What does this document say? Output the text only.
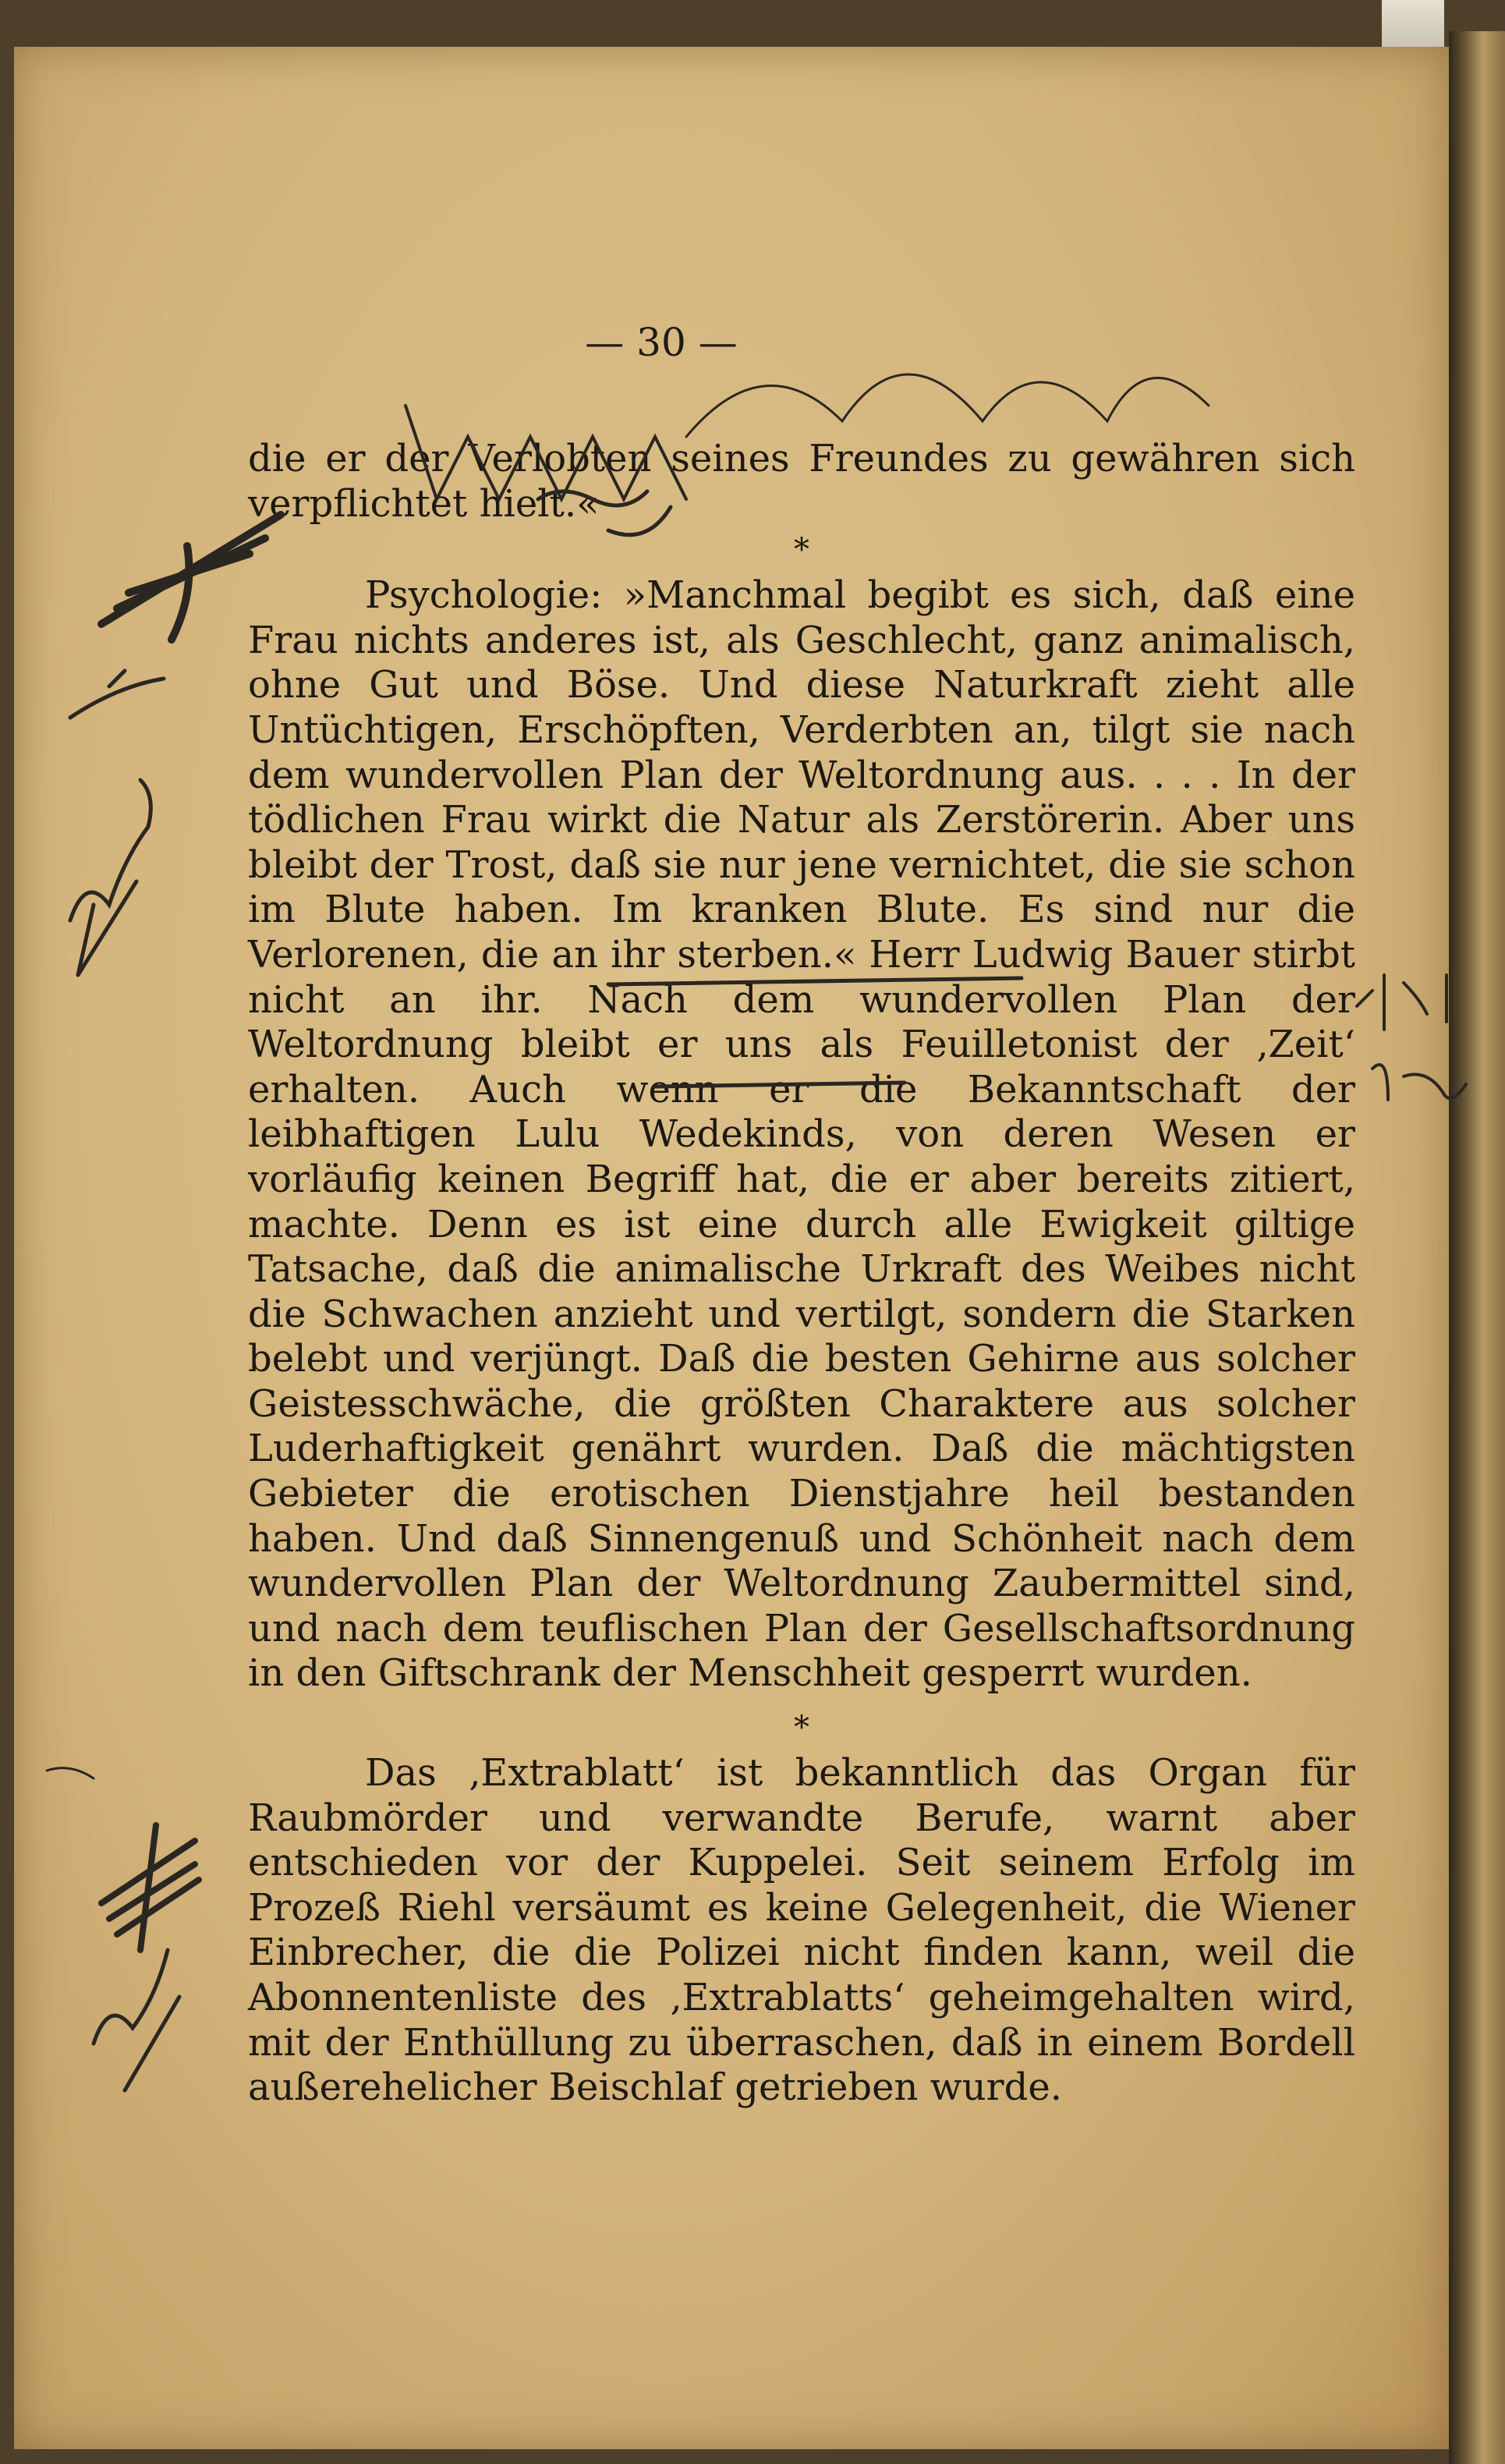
— 30 —

die er der Verlobten seines Freundes zu gewähren sich verpflichtet hielt.«

*

Psychologie: »Manchmal begibt es sich, daß eine Frau nichts anderes ist, als Geschlecht, ganz animalisch, ohne Gut und Böse. Und diese Naturkraft zieht alle Untüchtigen, Erschöpften, Verderbten an, tilgt sie nach dem wundervollen Plan der Weltordnung aus. . . . In der tödlichen Frau wirkt die Natur als Zerstörerin. Aber uns bleibt der Trost, daß sie nur jene vernichtet, die sie schon im Blute haben. Im kranken Blute. Es sind nur die Verlorenen, die an ihr sterben.« Herr Ludwig Bauer stirbt nicht an ihr. Nach dem wundervollen Plan der Weltordnung bleibt er uns als Feuilletonist der ‚Zeit‘ erhalten. Auch wenn er die Bekanntschaft der leibhaftigen Lulu Wedekinds, von deren Wesen er vorläufig keinen Begriff hat, die er aber bereits zitiert, machte. Denn es ist eine durch alle Ewigkeit giltige Tatsache, daß die animalische Urkraft des Weibes nicht die Schwachen anzieht und vertilgt, sondern die Starken belebt und verjüngt. Daß die besten Gehirne aus solcher Geistesschwäche, die größten Charaktere aus solcher Luderhaftigkeit genährt wurden. Daß die mächtigsten Gebieter die erotischen Dienstjahre heil bestanden haben. Und daß Sinnengenuß und Schönheit nach dem wundervollen Plan der Weltordnung Zaubermittel sind, und nach dem teuflischen Plan der Gesellschaftsordnung in den Giftschrank der Menschheit gesperrt wurden.

*

Das ‚Extrablatt‘ ist bekanntlich das Organ für Raubmörder und verwandte Berufe, warnt aber entschieden vor der Kuppelei. Seit seinem Erfolg im Prozeß Riehl versäumt es keine Gelegenheit, die Wiener Einbrecher, die die Polizei nicht finden kann, weil die Abonnentenliste des ‚Extrablatts‘ geheimgehalten wird, mit der Enthüllung zu überraschen, daß in einem Bordell außerehelicher Beischlaf getrieben wurde.
